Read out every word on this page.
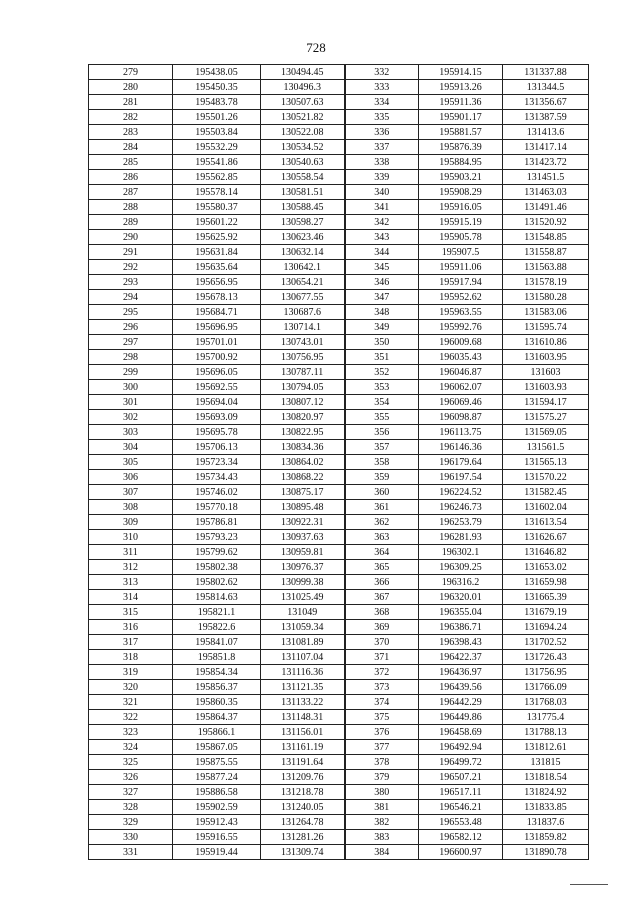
728
279	195438.05	130494.45	332	195914.15	131337.88
280	195450.35	130496.3	333	195913.26	131344.5
281	195483.78	130507.63	334	195911.36	131356.67
282	195501.26	130521.82	335	195901.17	131387.59
283	195503.84	130522.08	336	195881.57	131413.6
284	195532.29	130534.52	337	195876.39	131417.14
285	195541.86	130540.63	338	195884.95	131423.72
286	195562.85	130558.54	339	195903.21	131451.5
287	195578.14	130581.51	340	195908.29	131463.03
288	195580.37	130588.45	341	195916.05	131491.46
289	195601.22	130598.27	342	195915.19	131520.92
290	195625.92	130623.46	343	195905.78	131548.85
291	195631.84	130632.14	344	195907.5	131558.87
292	195635.64	130642.1	345	195911.06	131563.88
293	195656.95	130654.21	346	195917.94	131578.19
294	195678.13	130677.55	347	195952.62	131580.28
295	195684.71	130687.6	348	195963.55	131583.06
296	195696.95	130714.1	349	195992.76	131595.74
297	195701.01	130743.01	350	196009.68	131610.86
298	195700.92	130756.95	351	196035.43	131603.95
299	195696.05	130787.11	352	196046.87	131603
300	195692.55	130794.05	353	196062.07	131603.93
301	195694.04	130807.12	354	196069.46	131594.17
302	195693.09	130820.97	355	196098.87	131575.27
303	195695.78	130822.95	356	196113.75	131569.05
304	195706.13	130834.36	357	196146.36	131561.5
305	195723.34	130864.02	358	196179.64	131565.13
306	195734.43	130868.22	359	196197.54	131570.22
307	195746.02	130875.17	360	196224.52	131582.45
308	195770.18	130895.48	361	196246.73	131602.04
309	195786.81	130922.31	362	196253.79	131613.54
310	195793.23	130937.63	363	196281.93	131626.67
311	195799.62	130959.81	364	196302.1	131646.82
312	195802.38	130976.37	365	196309.25	131653.02
313	195802.62	130999.38	366	196316.2	131659.98
314	195814.63	131025.49	367	196320.01	131665.39
315	195821.1	131049	368	196355.04	131679.19
316	195822.6	131059.34	369	196386.71	131694.24
317	195841.07	131081.89	370	196398.43	131702.52
318	195851.8	131107.04	371	196422.37	131726.43
319	195854.34	131116.36	372	196436.97	131756.95
320	195856.37	131121.35	373	196439.56	131766.09
321	195860.35	131133.22	374	196442.29	131768.03
322	195864.37	131148.31	375	196449.86	131775.4
323	195866.1	131156.01	376	196458.69	131788.13
324	195867.05	131161.19	377	196492.94	131812.61
325	195875.55	131191.64	378	196499.72	131815
326	195877.24	131209.76	379	196507.21	131818.54
327	195886.58	131218.78	380	196517.11	131824.92
328	195902.59	131240.05	381	196546.21	131833.85
329	195912.43	131264.78	382	196553.48	131837.6
330	195916.55	131281.26	383	196582.12	131859.82
331	195919.44	131309.74	384	196600.97	131890.78
